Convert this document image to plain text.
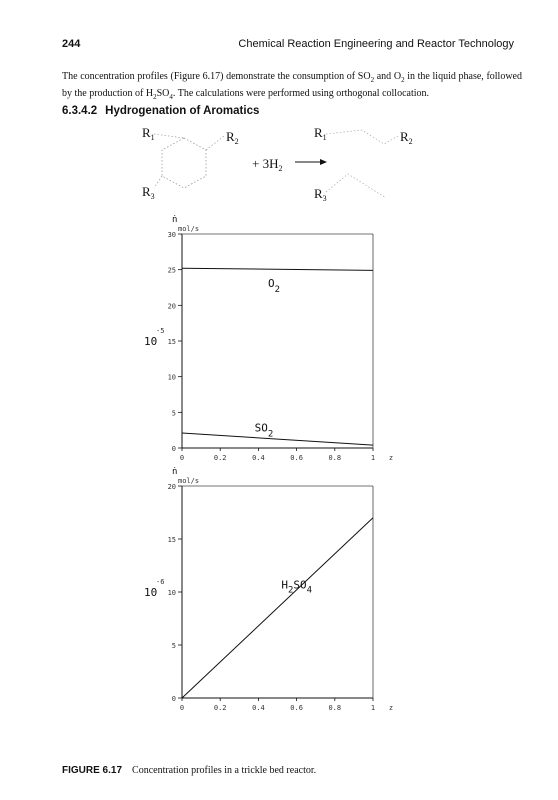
244	Chemical Reaction Engineering and Reactor Technology
The concentration profiles (Figure 6.17) demonstrate the consumption of $SO_2$ and $O_2$ in the liquid phase, followed by the production of $H_2SO_4$. The calculations were performed using orthogonal collocation.
6.3.4.2 Hydrogenation of Aromatics
$R_1$	$R_2$
$R_3$
+ $3H_2$
$R_1$	$R_2$
$R_3$
0
5
10
15
20
25
30
0	0.2	0.4	0.6	0.8	1 z
ṅ
mol/s
-5
10
$O_2$
$SO_2$
0
5
10
15
20
0	0.2	0.4	0.6	0.8	1 z
ṅ
mol/s
-6
10
$H_2SO_4$
FIGURE 6.17 Concentration profiles in a trickle bed reactor.
